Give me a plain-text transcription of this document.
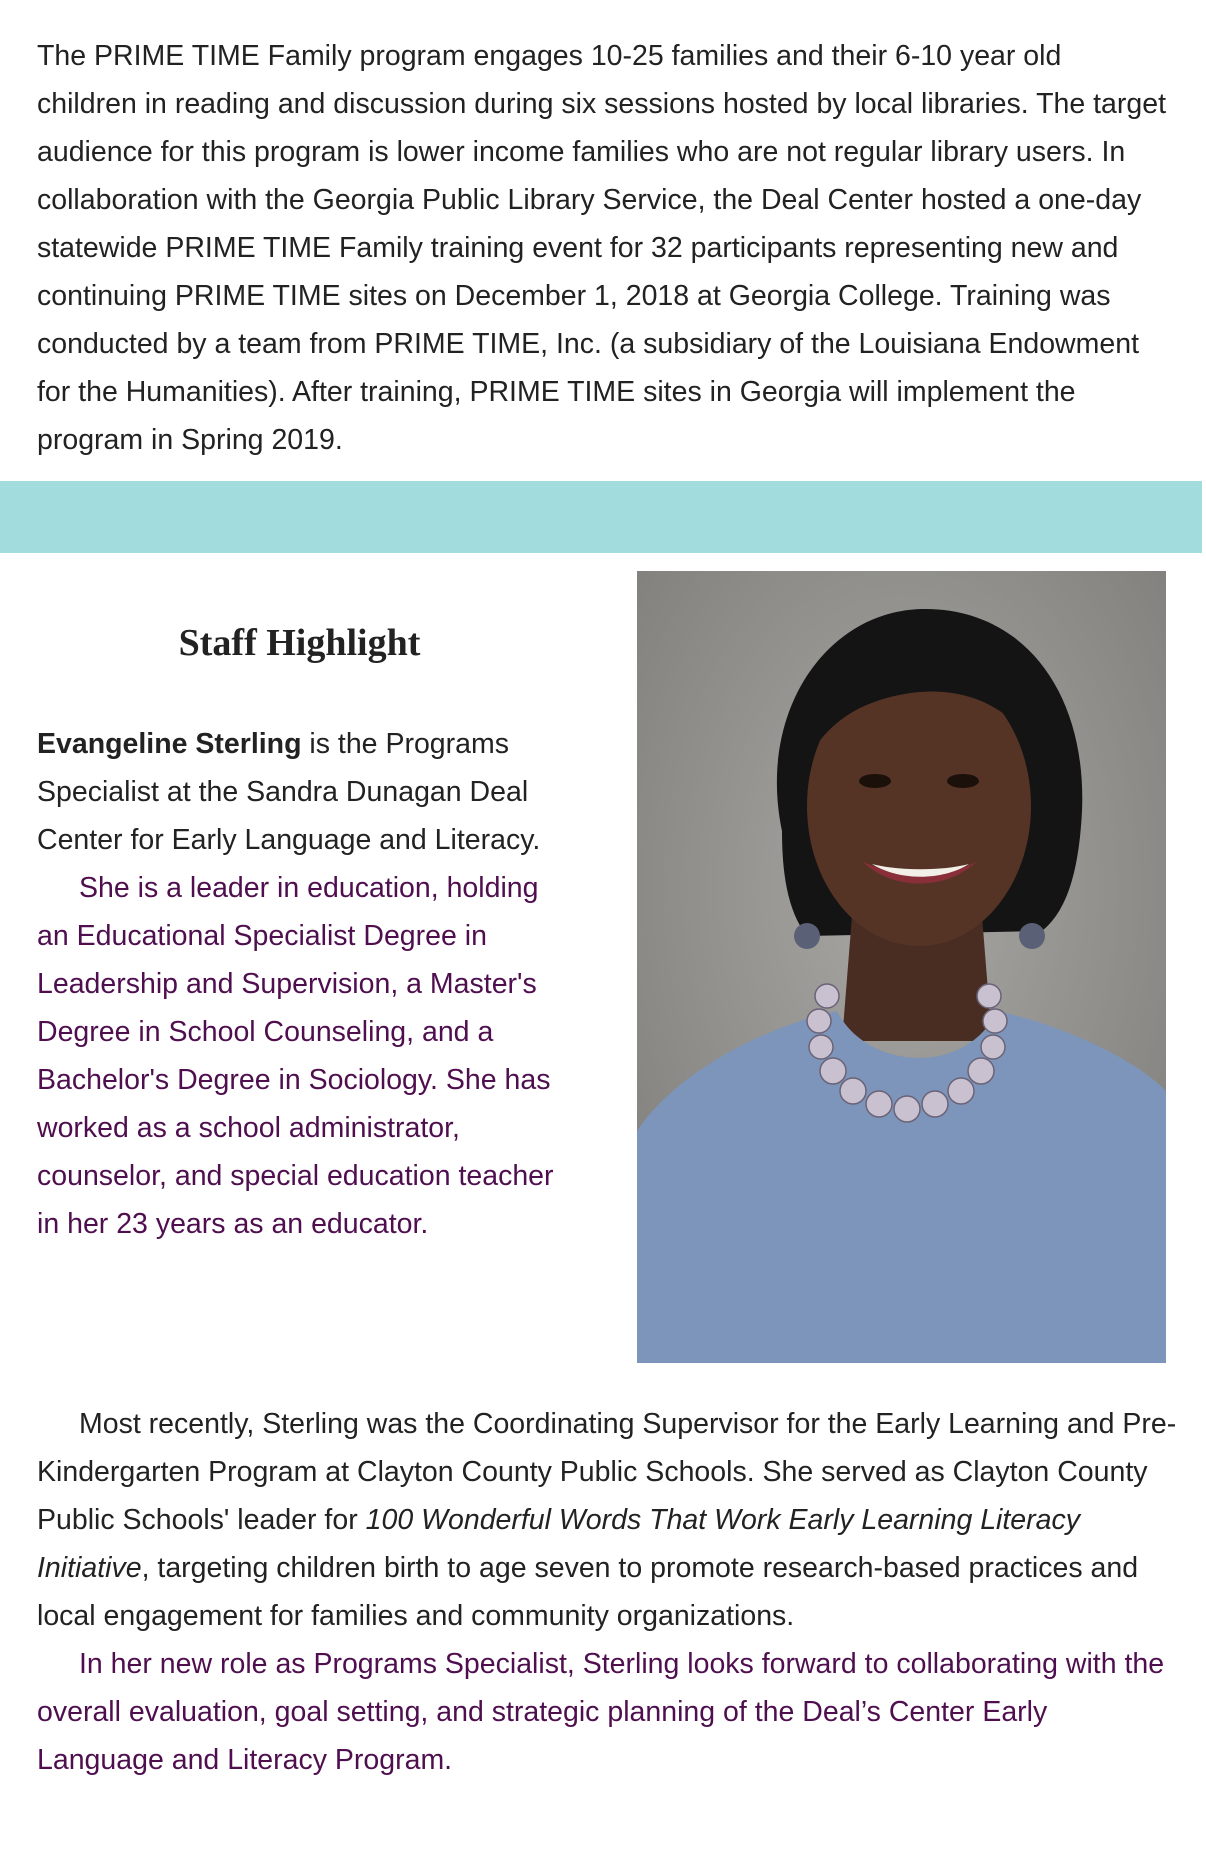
The PRIME TIME Family program engages 10-25 families and their 6-10 year old children in reading and discussion during six sessions hosted by local libraries. The target audience for this program is lower income families who are not regular library users. In collaboration with the Georgia Public Library Service, the Deal Center hosted a one-day statewide PRIME TIME Family training event for 32 participants representing new and continuing PRIME TIME sites on December 1, 2018 at Georgia College. Training was conducted by a team from PRIME TIME, Inc. (a subsidiary of the Louisiana Endowment for the Humanities). After training, PRIME TIME sites in Georgia will implement the program in Spring 2019.

Staff Highlight

Evangeline Sterling is the Programs Specialist at the Sandra Dunagan Deal Center for Early Language and Literacy.

She is a leader in education, holding an Educational Specialist Degree in Leadership and Supervision, a Master's Degree in School Counseling, and a Bachelor's Degree in Sociology. She has worked as a school administrator, counselor, and special education teacher in her 23 years as an educator.

Most recently, Sterling was the Coordinating Supervisor for the Early Learning and Pre-Kindergarten Program at Clayton County Public Schools. She served as Clayton County Public Schools' leader for 100 Wonderful Words That Work Early Learning Literacy Initiative, targeting children birth to age seven to promote research-based practices and local engagement for families and community organizations.

In her new role as Programs Specialist, Sterling looks forward to collaborating with the overall evaluation, goal setting, and strategic planning of the Deal’s Center Early Language and Literacy Program.
